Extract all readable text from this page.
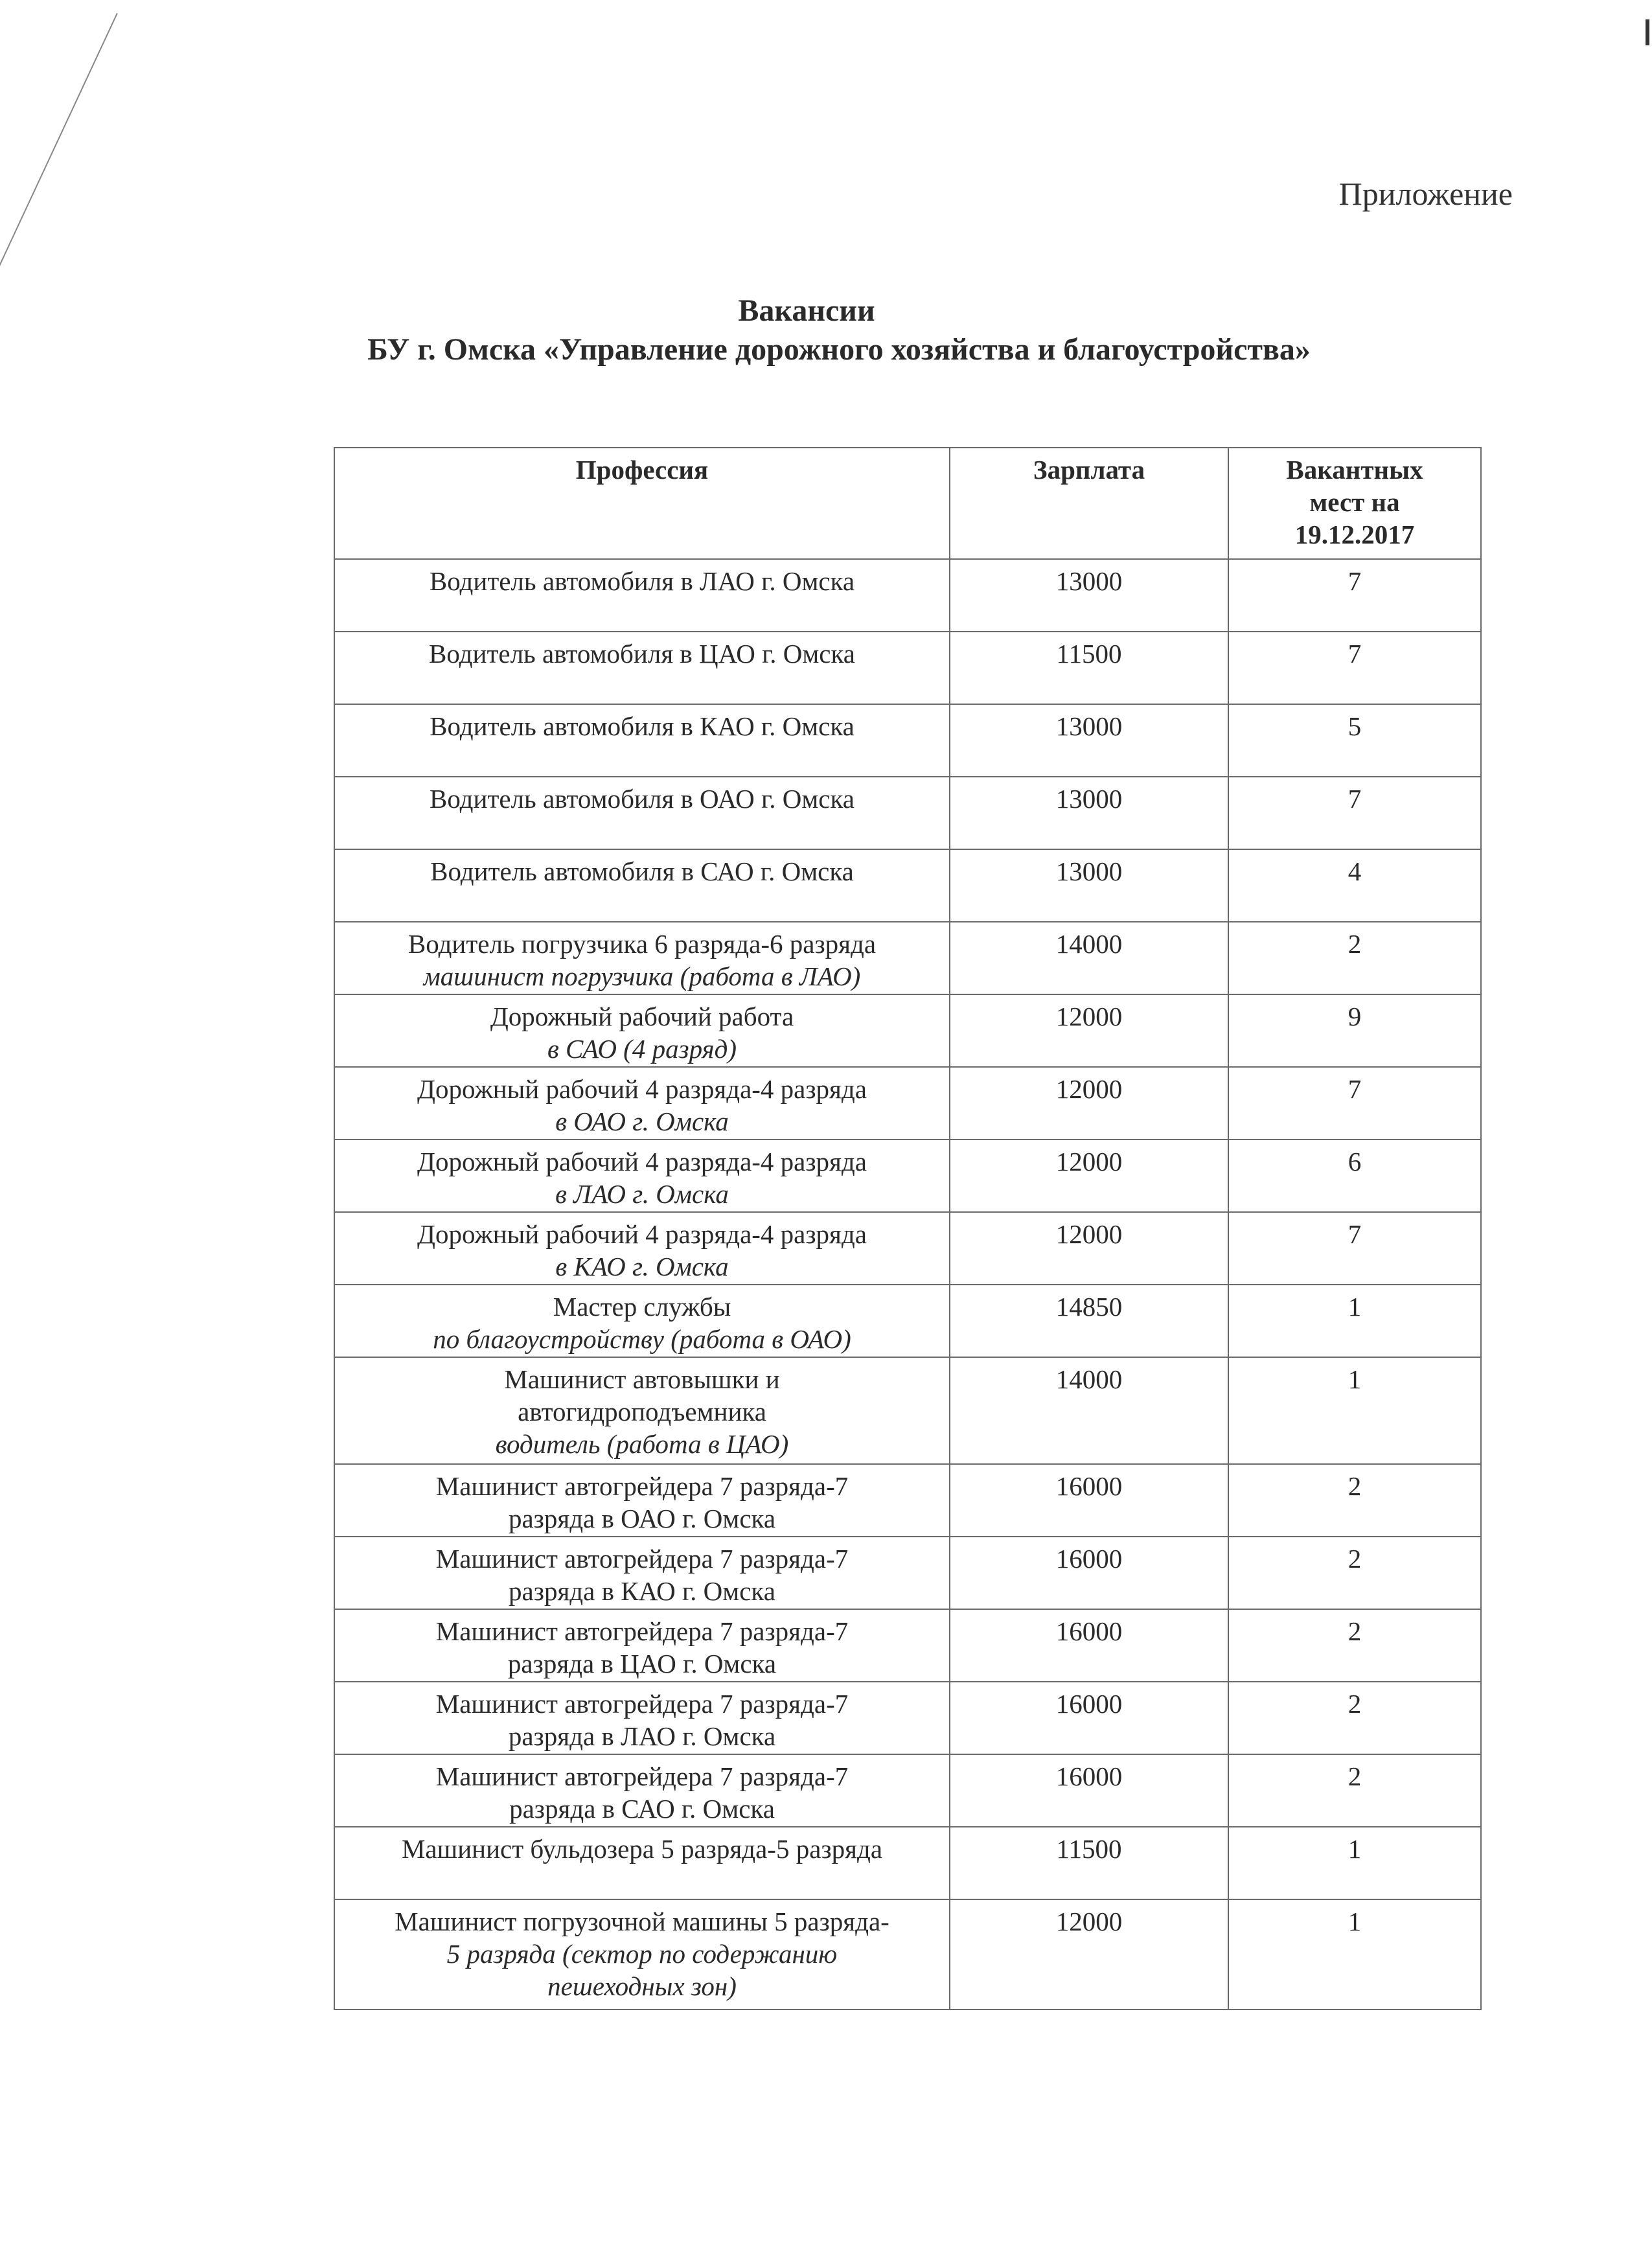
Приложение
Вакансии
БУ г. Омска «Управление дорожного хозяйства и благоустройства»
Профессия	Зарплата	Вакантных
мест на
19.12.2017

Водитель автомобиля в ЛАО г. Омска	13000	7

Водитель автомобиля в ЦАО г. Омска	11500	7

Водитель автомобиля в КАО г. Омска	13000	5

Водитель автомобиля в ОАО г. Омска	13000	7

Водитель автомобиля в САО г. Омска	13000	4

Водитель погрузчика 6 разряда-6 разряда
машинист погрузчика (работа в ЛАО)	14000	2

Дорожный рабочий работа
в САО (4 разряд)	12000	9

Дорожный рабочий 4 разряда-4 разряда
в ОАО г. Омска	12000	7

Дорожный рабочий 4 разряда-4 разряда
в ЛАО г. Омска	12000	6

Дорожный рабочий 4 разряда-4 разряда
в КАО г. Омска	12000	7

Мастер службы
по благоустройству (работа в ОАО)	14850	1

Машинист автовышки и
автогидроподъемника
водитель (работа в ЦАО)	14000	1

Машинист автогрейдера 7 разряда-7
разряда в ОАО г. Омска	16000	2

Машинист автогрейдера 7 разряда-7
разряда в КАО г. Омска	16000	2

Машинист автогрейдера 7 разряда-7
разряда в ЦАО г. Омска	16000	2

Машинист автогрейдера 7 разряда-7
разряда в ЛАО г. Омска	16000	2

Машинист автогрейдера 7 разряда-7
разряда в САО г. Омска	16000	2

Машинист бульдозера 5 разряда-5 разряда	11500	1

Машинист погрузочной машины 5 разряда-
5 разряда (сектор по содержанию
пешеходных зон)	12000	1
